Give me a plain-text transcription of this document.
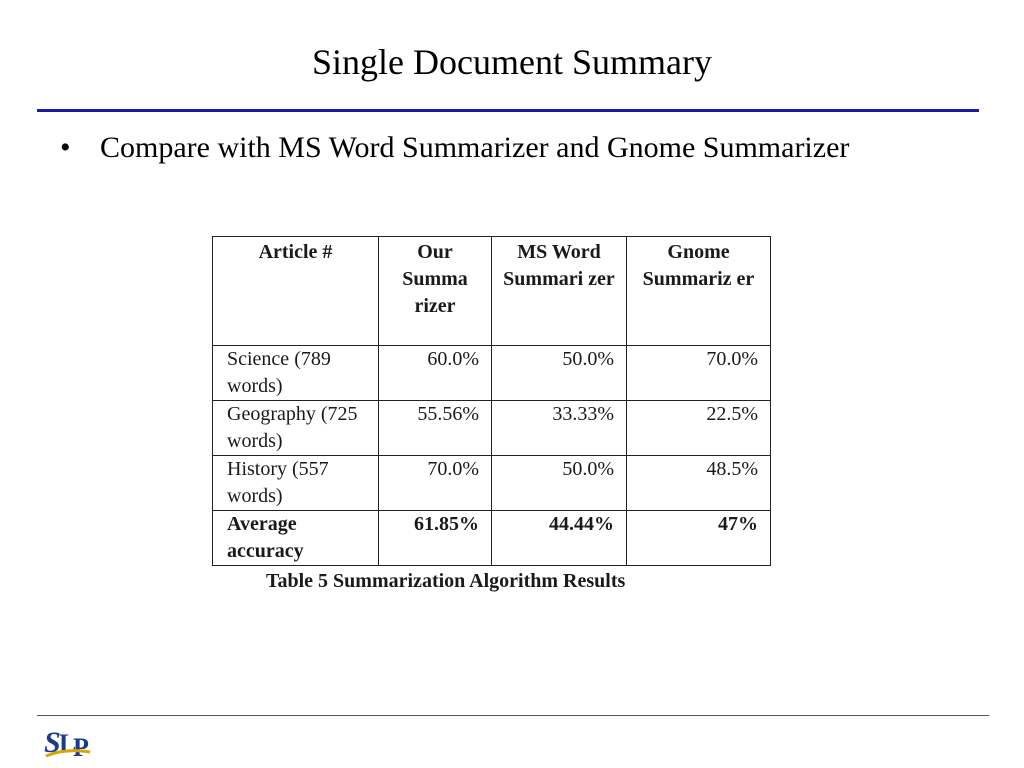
Single Document Summary
• Compare with MS Word Summarizer and Gnome Summarizer
Article #	Our Summa rizer	MS Word Summari zer	Gnome Summariz er
Science (789 words)	60.0%	50.0%	70.0%
Geography (725 words)	55.56%	33.33%	22.5%
History (557 words)	70.0%	50.0%	48.5%
Average accuracy	61.85%	44.44%	47%
Table 5 Summarization Algorithm Results
S
L
P
